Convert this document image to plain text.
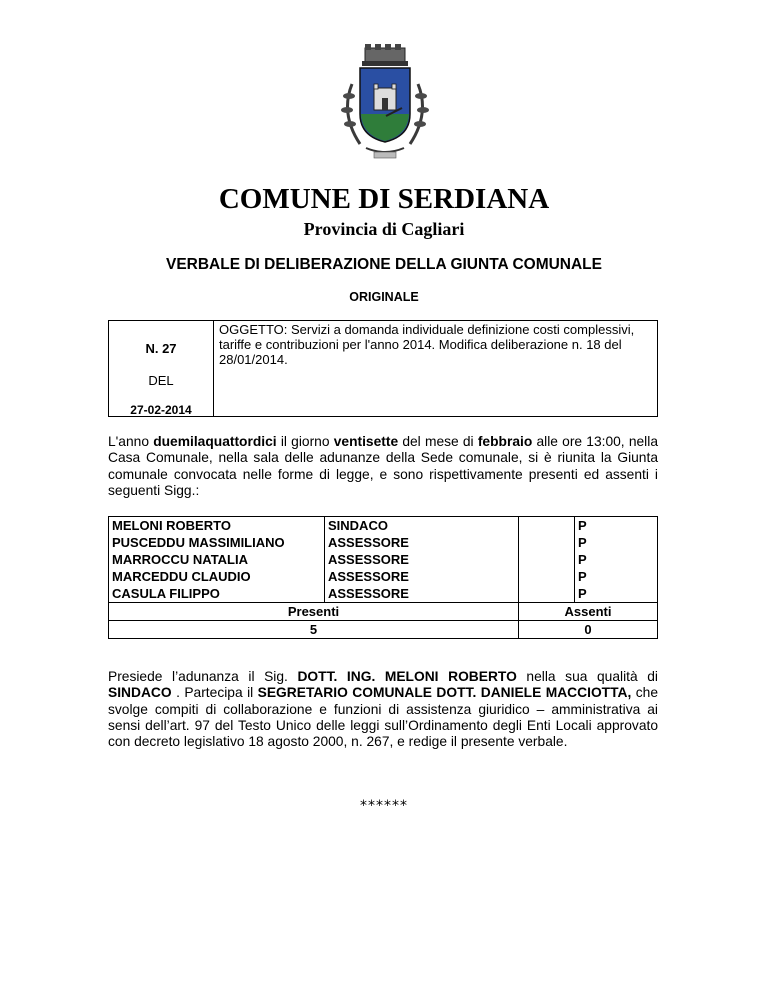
COMUNE DI SERDIANA
Provincia di Cagliari
VERBALE DI DELIBERAZIONE DELLA GIUNTA COMUNALE
ORIGINALE
N. 27
DEL
27-02-2014
OGGETTO: Servizi a domanda individuale definizione costi complessivi, tariffe e contribuzioni per l'anno 2014. Modifica deliberazione n. 18 del 28/01/2014.
L'anno duemilaquattordici il giorno ventisette del mese di febbraio alle ore 13:00, nella Casa Comunale, nella sala delle adunanze della Sede comunale, si è riunita la Giunta comunale convocata nelle forme di legge, e sono rispettivamente presenti ed assenti i seguenti Sigg.:
MELONI ROBERTO	SINDACO		P
PUSCEDDU MASSIMILIANO	ASSESSORE		P
MARROCCU NATALIA	ASSESSORE		P
MARCEDDU CLAUDIO	ASSESSORE		P
CASULA FILIPPO	ASSESSORE		P
Presenti		Assenti	
5		0	
Presiede l’adunanza il Sig. DOTT. ING. MELONI ROBERTO nella sua qualità di SINDACO . Partecipa il SEGRETARIO COMUNALE DOTT. DANIELE MACCIOTTA, che svolge compiti di collaborazione e funzioni di assistenza giuridico – amministrativa ai sensi dell’art. 97 del Testo Unico delle leggi sull’Ordinamento degli Enti Locali approvato con decreto legislativo 18 agosto 2000, n. 267, e redige il presente verbale.
******
